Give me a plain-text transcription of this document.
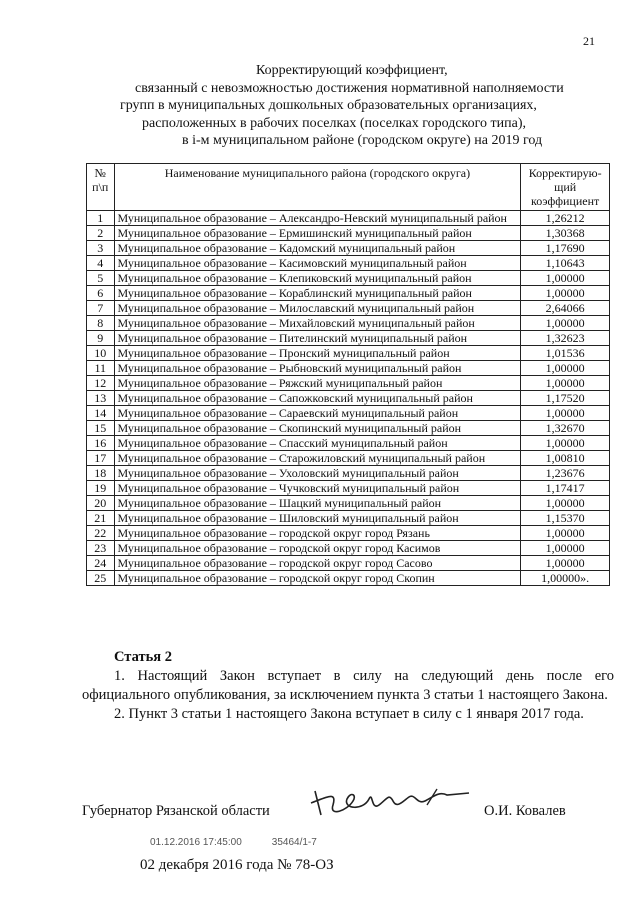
21
Корректирующий коэффициент,
связанный с невозможностью достижения нормативной наполняемости
групп в муниципальных дошкольных образовательных организациях,
расположенных в рабочих поселках (поселках городского типа),
в i-м муниципальном районе (городском округе) на 2019 год
№ п\п	Наименование муниципального района (городского округа)	Корректирую-щий коэффициент
1	Муниципальное образование – Александро-Невский муниципальный район	1,26212
2	Муниципальное образование – Ермишинский муниципальный район	1,30368
3	Муниципальное образование – Кадомский муниципальный район	1,17690
4	Муниципальное образование – Касимовский муниципальный район	1,10643
5	Муниципальное образование – Клепиковский муниципальный район	1,00000
6	Муниципальное образование – Кораблинский муниципальный район	1,00000
7	Муниципальное образование – Милославский муниципальный район	2,64066
8	Муниципальное образование – Михайловский муниципальный район	1,00000
9	Муниципальное образование – Пителинский муниципальный район	1,32623
10	Муниципальное образование – Пронский муниципальный район	1,01536
11	Муниципальное образование – Рыбновский муниципальный район	1,00000
12	Муниципальное образование – Ряжский муниципальный район	1,00000
13	Муниципальное образование – Сапожковский муниципальный район	1,17520
14	Муниципальное образование – Сараевский муниципальный район	1,00000
15	Муниципальное образование – Скопинский муниципальный район	1,32670
16	Муниципальное образование – Спасский муниципальный район	1,00000
17	Муниципальное образование – Старожиловский муниципальный район	1,00810
18	Муниципальное образование – Ухоловский муниципальный район	1,23676
19	Муниципальное образование – Чучковский муниципальный район	1,17417
20	Муниципальное образование – Шацкий муниципальный район	1,00000
21	Муниципальное образование – Шиловский муниципальный район	1,15370
22	Муниципальное образование – городской округ город Рязань	1,00000
23	Муниципальное образование – городской округ город Касимов	1,00000
24	Муниципальное образование – городской округ город Сасово	1,00000
25	Муниципальное образование – городской округ город Скопин	1,00000».
Статья 2
1. Настоящий Закон вступает в силу на следующий день после его официального опубликования, за исключением пункта 3 статьи 1 настоящего Закона.
2. Пункт 3 статьи 1 настоящего Закона вступает в силу с 1 января 2017 года.
Губернатор Рязанской области	О.И. Ковалев
01.12.2016 17:45:00	35464/1-7
02 декабря 2016 года № 78-ОЗ
